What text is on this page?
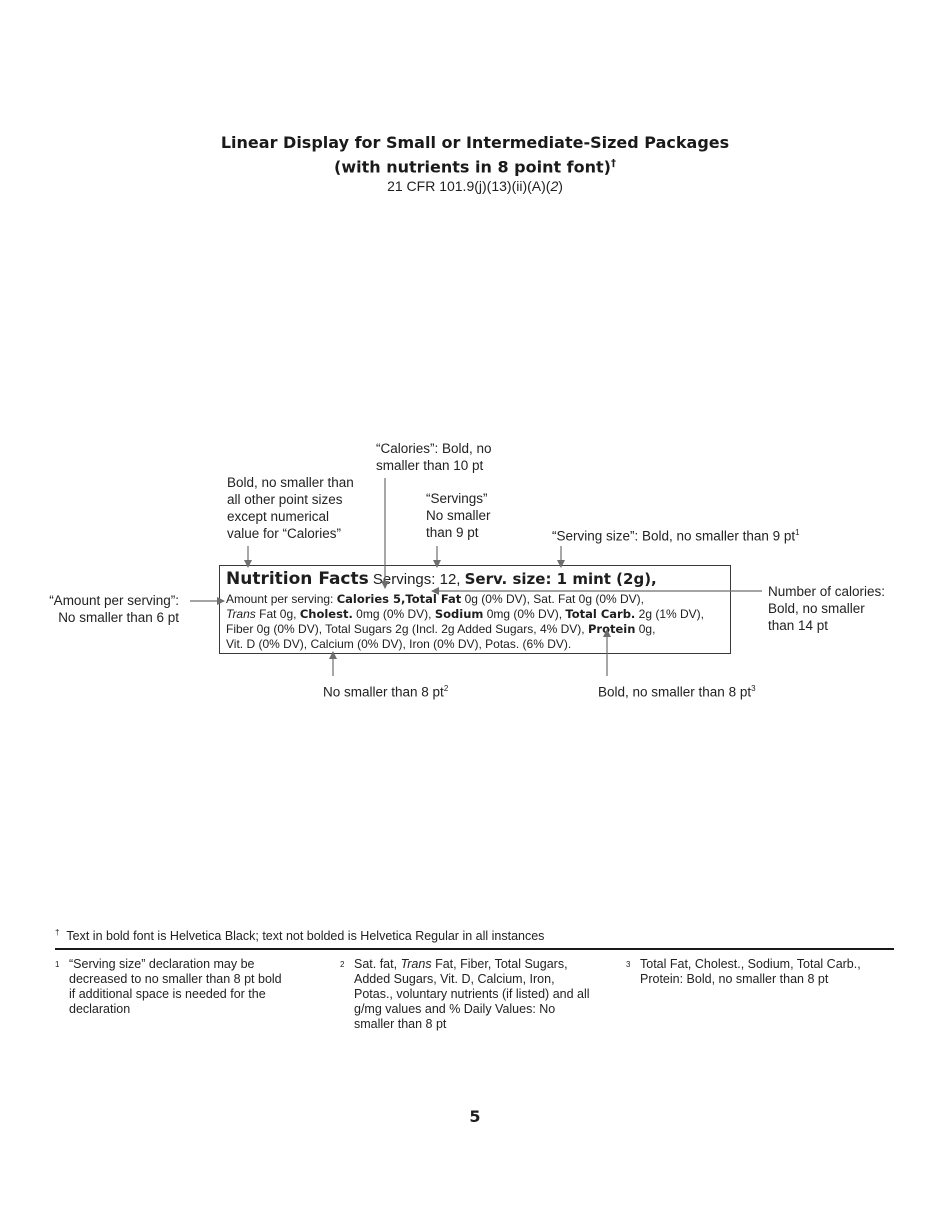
Linear Display for Small or Intermediate-Sized Packages
(with nutrients in 8 point font)†
21 CFR 101.9(j)(13)(ii)(A)(2)
“Calories”: Bold, no
smaller than 10 pt
Bold, no smaller than
all other point sizes
except numerical
value for “Calories”
“Servings”
No smaller
than 9 pt	“Serving size”: Bold, no smaller than 9 $pt^1$
“Amount per serving”:
No smaller than 6 pt
Number of calories:
Bold, no smaller
than 14 pt
No smaller than 8 $pt^2$	Bold, no smaller than 8 $pt^3$
Nutrition Facts Servings: 12, Serv. size: 1 mint (2g),
Amount per serving: Calories 5,Total Fat 0g (0% DV), Sat. Fat 0g (0% DV),
Trans Fat 0g, Cholest. 0mg (0% DV), Sodium 0mg (0% DV), Total Carb. 2g (1% DV),
Fiber 0g (0% DV), Total Sugars 2g (Incl. 2g Added Sugars, 4% DV), Protein 0g,
Vit. D (0% DV), Calcium (0% DV), Iron (0% DV), Potas. (6% DV).
† Text in bold font is Helvetica Black; text not bolded is Helvetica Regular in all instances
1 “Serving size” declaration may be
decreased to no smaller than 8 pt bold
if additional space is needed for the
declaration
2 Sat. fat, Trans Fat, Fiber, Total Sugars,
Added Sugars, Vit. D, Calcium, Iron,
Potas., voluntary nutrients (if listed) and all
g/mg values and % Daily Values: No
smaller than 8 pt
3 Total Fat, Cholest., Sodium, Total Carb.,
Protein: Bold, no smaller than 8 pt
5
